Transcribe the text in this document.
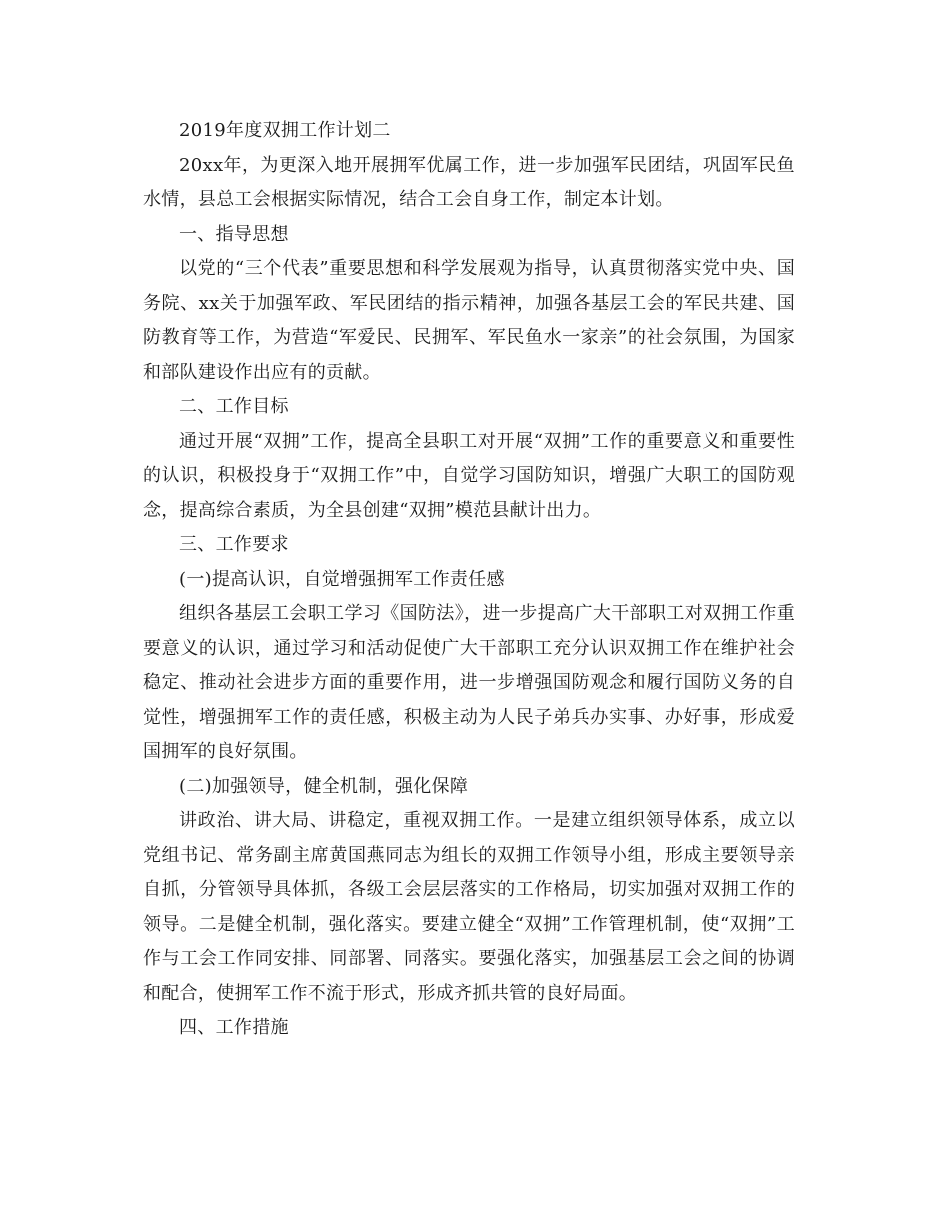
2019年度双拥工作计划二

20xx年，为更深入地开展拥军优属工作，进一步加强军民团结，巩固军民鱼水情，县总工会根据实际情况，结合工会自身工作，制定本计划。

一、指导思想

以党的“三个代表”重要思想和科学发展观为指导，认真贯彻落实党中央、国务院、xx关于加强军政、军民团结的指示精神，加强各基层工会的军民共建、国防教育等工作，为营造“军爱民、民拥军、军民鱼水一家亲”的社会氛围，为国家和部队建设作出应有的贡献。

二、工作目标

通过开展“双拥”工作，提高全县职工对开展“双拥”工作的重要意义和重要性的认识，积极投身于“双拥工作”中，自觉学习国防知识，增强广大职工的国防观念，提高综合素质，为全县创建“双拥”模范县献计出力。

三、工作要求

(一)提高认识，自觉增强拥军工作责任感

组织各基层工会职工学习《国防法》，进一步提高广大干部职工对双拥工作重要意义的认识，通过学习和活动促使广大干部职工充分认识双拥工作在维护社会稳定、推动社会进步方面的重要作用，进一步增强国防观念和履行国防义务的自觉性，增强拥军工作的责任感，积极主动为人民子弟兵办实事、办好事，形成爱国拥军的良好氛围。

(二)加强领导，健全机制，强化保障

讲政治、讲大局、讲稳定，重视双拥工作。一是建立组织领导体系，成立以党组书记、常务副主席黄国燕同志为组长的双拥工作领导小组，形成主要领导亲自抓，分管领导具体抓，各级工会层层落实的工作格局，切实加强对双拥工作的领导。二是健全机制，强化落实。要建立健全“双拥”工作管理机制，使“双拥”工作与工会工作同安排、同部署、同落实。要强化落实，加强基层工会之间的协调和配合，使拥军工作不流于形式，形成齐抓共管的良好局面。

四、工作措施
